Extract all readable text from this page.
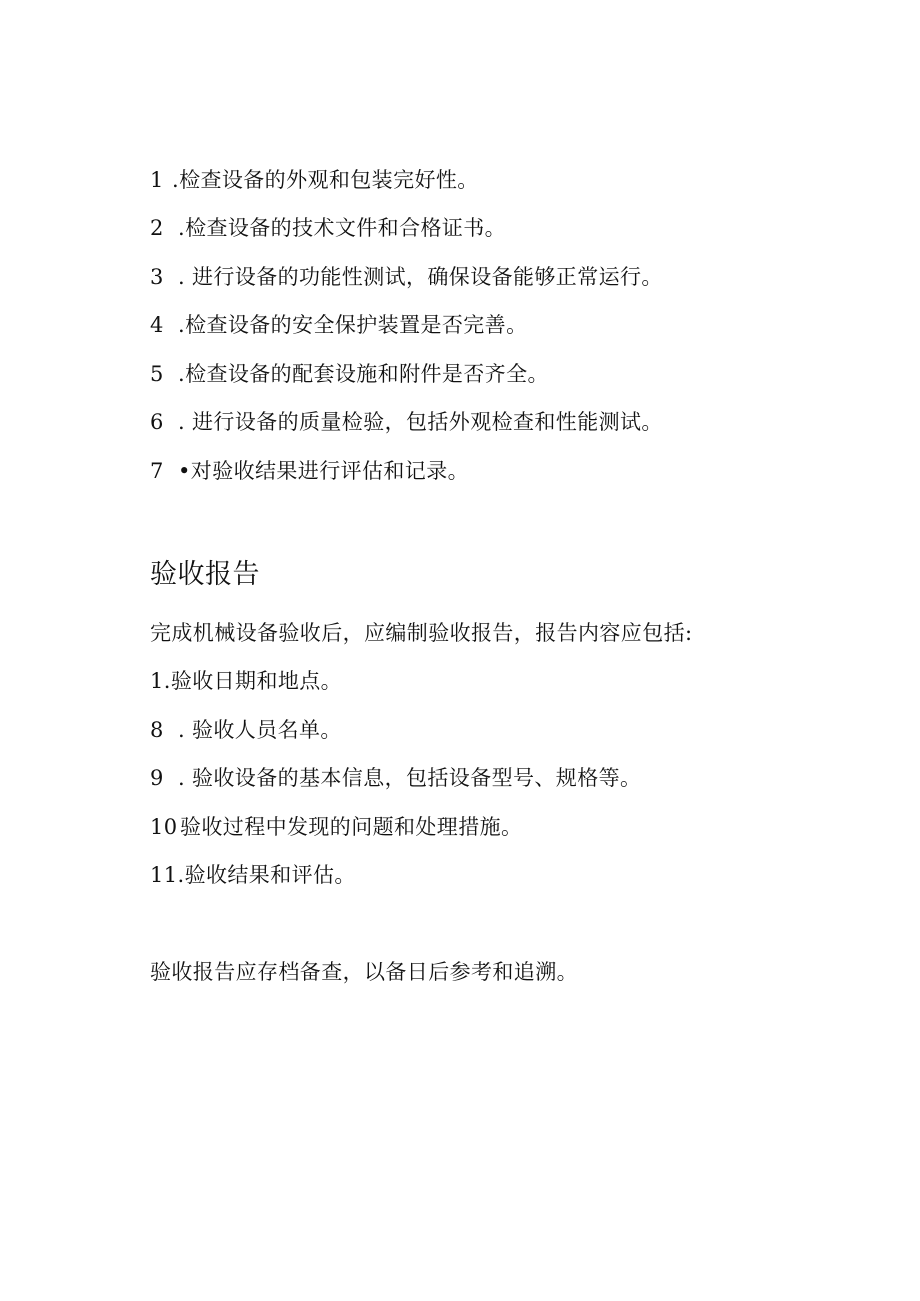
1 .检查设备的外观和包装完好性。
2 .检查设备的技术文件和合格证书。
3 . 进行设备的功能性测试，确保设备能够正常运行。
4 .检查设备的安全保护装置是否完善。
5 .检查设备的配套设施和附件是否齐全。
6 . 进行设备的质量检验，包括外观检查和性能测试。
7 •对验收结果进行评估和记录。
验收报告
完成机械设备验收后，应编制验收报告，报告内容应包括:
1.验收日期和地点。
8 . 验收人员名单。
9 . 验收设备的基本信息，包括设备型号、规格等。
10 验收过程中发现的问题和处理措施。
11.验收结果和评估。
验收报告应存档备查，以备日后参考和追溯。
